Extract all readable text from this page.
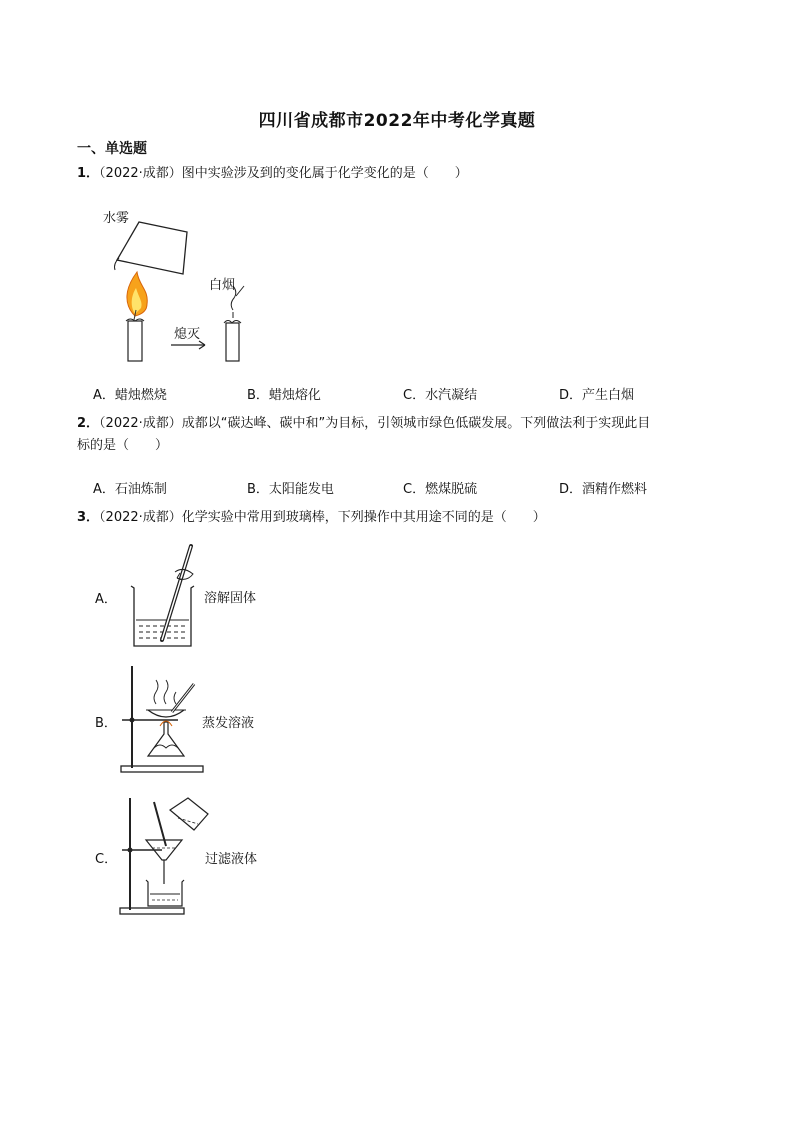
四川省成都市2022年中考化学真题
一、单选题
1．（2022·成都）图中实验涉及到的变化属于化学变化的是（　　）
水雾
白烟
熄灭
A．蜡烛燃烧	B．蜡烛熔化	C．水汽凝结	D．产生白烟
2．（2022·成都）成都以“碳达峰、碳中和”为目标，引领城市绿色低碳发展。下列做法利于实现此目
标的是（　　）
A．石油炼制	B．太阳能发电	C．燃煤脱硫	D．酒精作燃料
3．（2022·成都）化学实验中常用到玻璃棒，下列操作中其用途不同的是（　　）
A．	溶解固体
B．	蒸发溶液
C．	过滤液体
